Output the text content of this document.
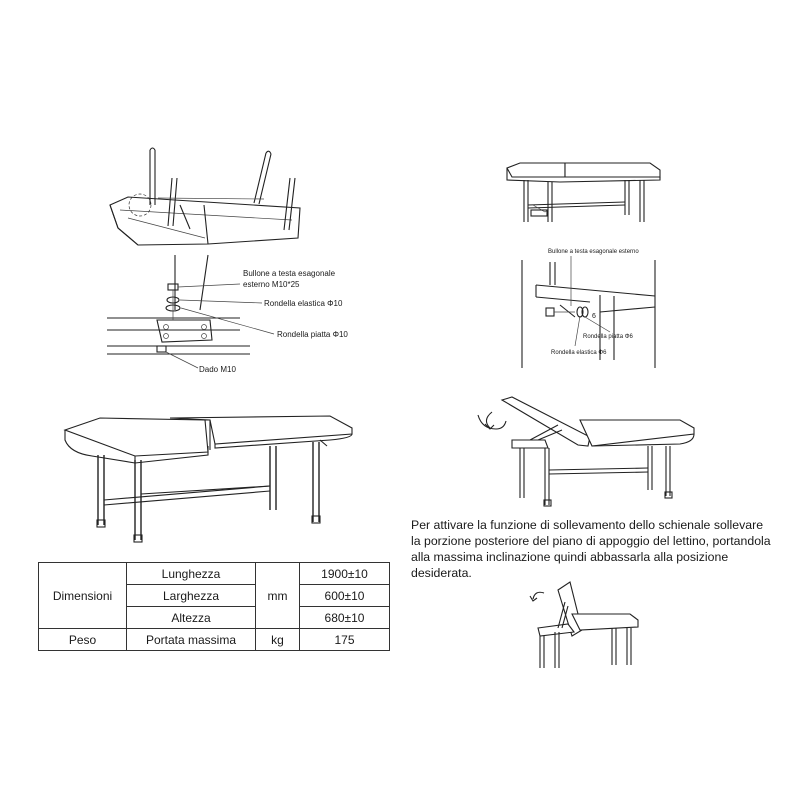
Bullone a testa esagonale
esterno M10*25
Rondella elastica Φ10
Rondella piatta Φ10
Dado M10
6
Bullone a testa esagonale esterno
Rondella piatta Φ6
Rondella elastica Φ6
Dimensioni	Lunghezza	mm	1900±10
	Larghezza		600±10
	Altezza		680±10
Peso	Portata massima	kg	175
Per attivare la funzione di sollevamento dello schienale sollevare la porzione posteriore del piano di appoggio del lettino, portandola alla massima inclinazione quindi abbassarla alla posizione desiderata.
